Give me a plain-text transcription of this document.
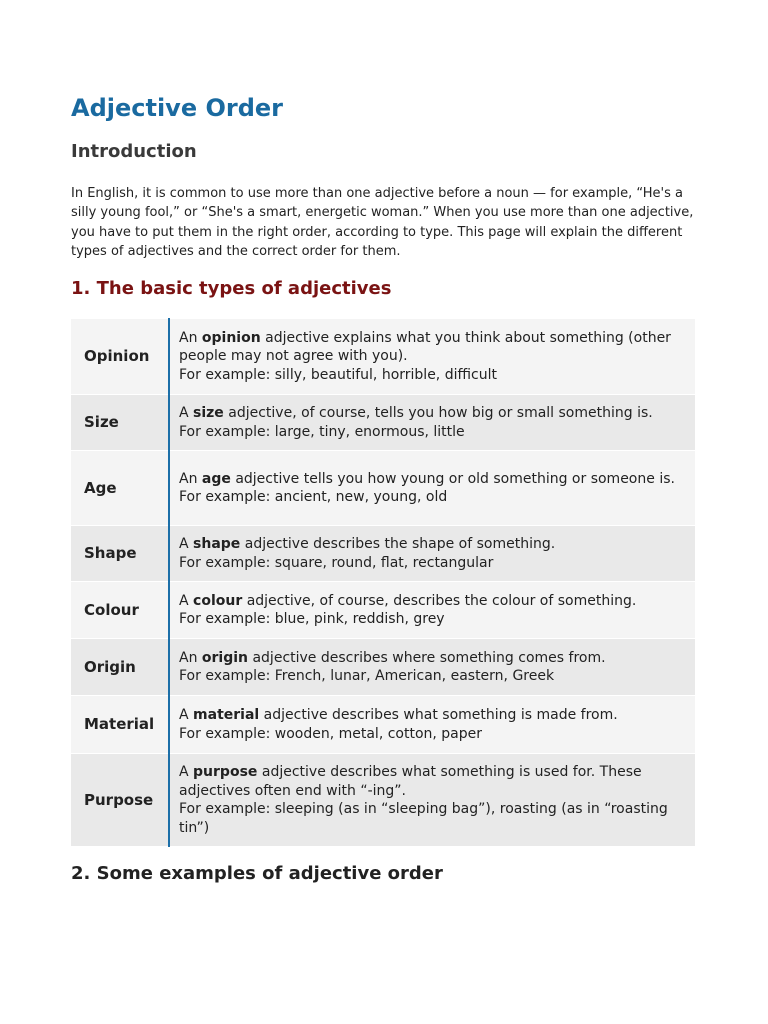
Adjective Order
Introduction

In English, it is common to use more than one adjective before a noun — for example, “He's a silly young fool,” or “She's a smart, energetic woman.” When you use more than one adjective, you have to put them in the right order, according to type. This page will explain the different types of adjectives and the correct order for them.

1. The basic types of adjectives
Opinion	An opinion adjective explains what you think about something (other people may not agree with you).
For example: silly, beautiful, horrible, difficult

Size	A size adjective, of course, tells you how big or small something is.
For example: large, tiny, enormous, little

Age	An age adjective tells you how young or old something or someone is.
For example: ancient, new, young, old

Shape	A shape adjective describes the shape of something.
For example: square, round, flat, rectangular

Colour	A colour adjective, of course, describes the colour of something.
For example: blue, pink, reddish, grey

Origin	An origin adjective describes where something comes from.
For example: French, lunar, American, eastern, Greek

Material	A material adjective describes what something is made from.
For example: wooden, metal, cotton, paper

Purpose	A purpose adjective describes what something is used for. These adjectives often end with “-ing”.
For example: sleeping (as in “sleeping bag”), roasting (as in “roasting tin”)
2. Some examples of adjective order
